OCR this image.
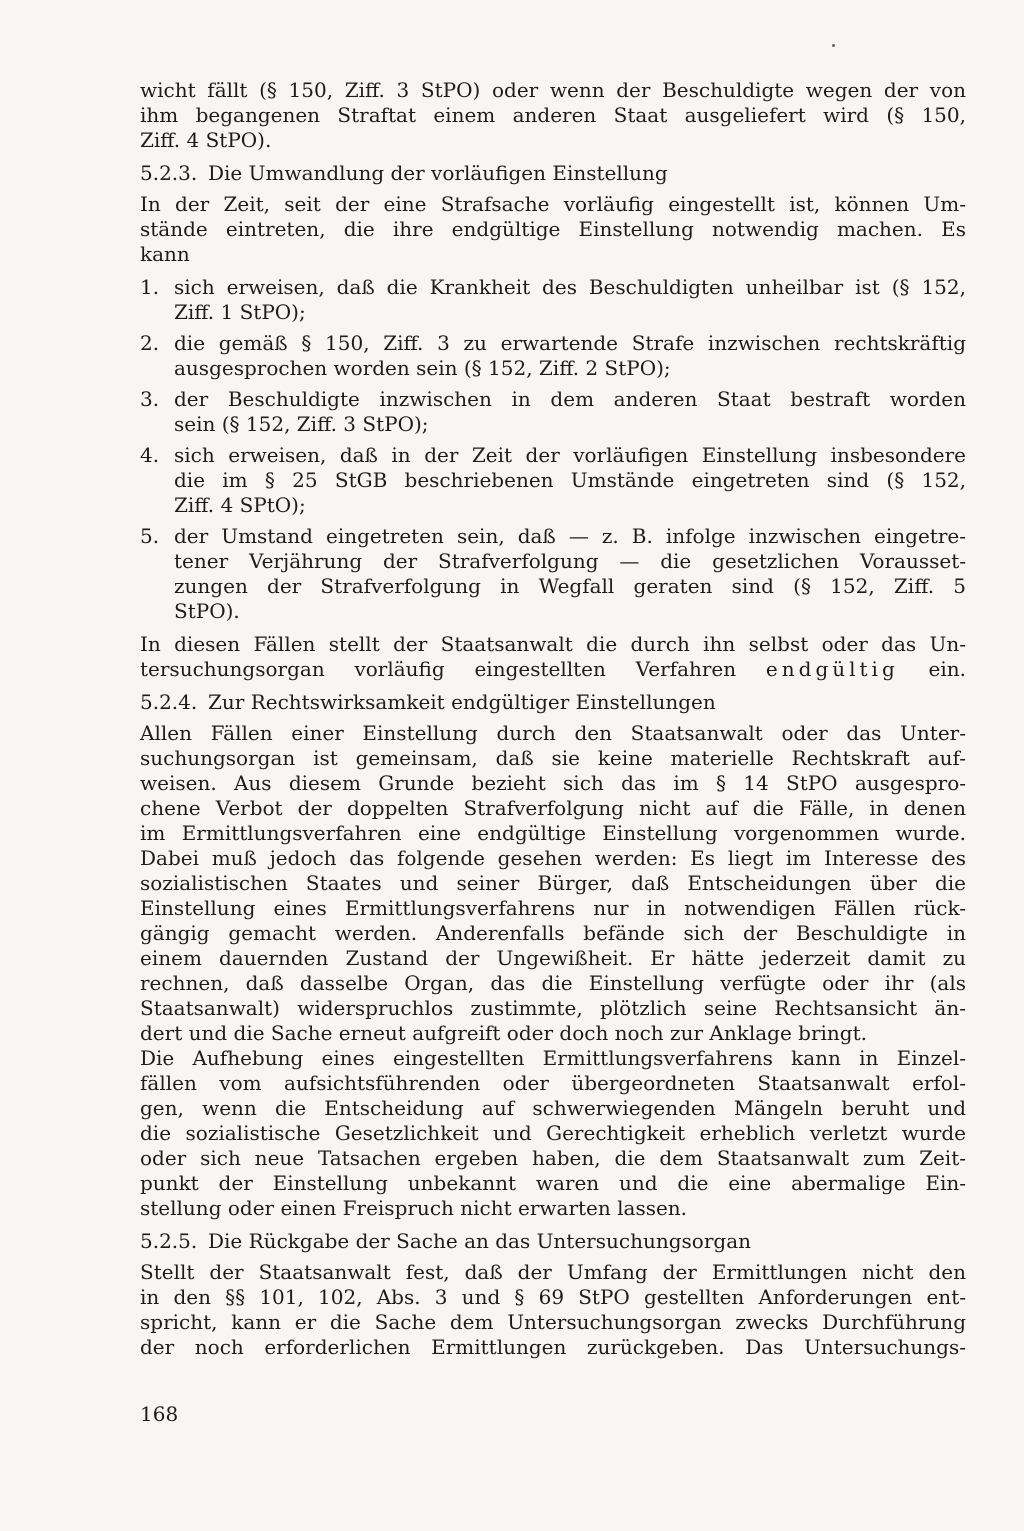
wicht fällt (§ 150, Ziff. 3 StPO) oder wenn der Beschuldigte wegen der von
ihm begangenen Straftat einem anderen Staat ausgeliefert wird (§ 150,
Ziff. 4 StPO).
5.2.3. Die Umwandlung der vorläufigen Einstellung
In der Zeit, seit der eine Strafsache vorläufig eingestellt ist, können Um-
stände eintreten, die ihre endgültige Einstellung notwendig machen. Es
kann
1. sich erweisen, daß die Krankheit des Beschuldigten unheilbar ist (§ 152,
Ziff. 1 StPO);
2. die gemäß § 150, Ziff. 3 zu erwartende Strafe inzwischen rechtskräftig
ausgesprochen worden sein (§ 152, Ziff. 2 StPO);
3. der Beschuldigte inzwischen in dem anderen Staat bestraft worden
sein (§ 152, Ziff. 3 StPO);
4. sich erweisen, daß in der Zeit der vorläufigen Einstellung insbesondere
die im § 25 StGB beschriebenen Umstände eingetreten sind (§ 152,
Ziff. 4 SPtO);
5. der Umstand eingetreten sein, daß — z. B. infolge inzwischen eingetre-
tener Verjährung der Strafverfolgung — die gesetzlichen Vorausset-
zungen der Strafverfolgung in Wegfall geraten sind (§ 152, Ziff. 5
StPO).
In diesen Fällen stellt der Staatsanwalt die durch ihn selbst oder das Un-
tersuchungsorgan vorläufig eingestellten Verfahren endgültig ein.
5.2.4. Zur Rechtswirksamkeit endgültiger Einstellungen
Allen Fällen einer Einstellung durch den Staatsanwalt oder das Unter-
suchungsorgan ist gemeinsam, daß sie keine materielle Rechtskraft auf-
weisen. Aus diesem Grunde bezieht sich das im § 14 StPO ausgespro-
chene Verbot der doppelten Strafverfolgung nicht auf die Fälle, in denen
im Ermittlungsverfahren eine endgültige Einstellung vorgenommen wurde.
Dabei muß jedoch das folgende gesehen werden: Es liegt im Interesse des
sozialistischen Staates und seiner Bürger, daß Entscheidungen über die
Einstellung eines Ermittlungsverfahrens nur in notwendigen Fällen rück-
gängig gemacht werden. Anderenfalls befände sich der Beschuldigte in
einem dauernden Zustand der Ungewißheit. Er hätte jederzeit damit zu
rechnen, daß dasselbe Organ, das die Einstellung verfügte oder ihr (als
Staatsanwalt) widerspruchlos zustimmte, plötzlich seine Rechtsansicht än-
dert und die Sache erneut aufgreift oder doch noch zur Anklage bringt.
Die Aufhebung eines eingestellten Ermittlungsverfahrens kann in Einzel-
fällen vom aufsichtsführenden oder übergeordneten Staatsanwalt erfol-
gen, wenn die Entscheidung auf schwerwiegenden Mängeln beruht und
die sozialistische Gesetzlichkeit und Gerechtigkeit erheblich verletzt wurde
oder sich neue Tatsachen ergeben haben, die dem Staatsanwalt zum Zeit-
punkt der Einstellung unbekannt waren und die eine abermalige Ein-
stellung oder einen Freispruch nicht erwarten lassen.
5.2.5. Die Rückgabe der Sache an das Untersuchungsorgan
Stellt der Staatsanwalt fest, daß der Umfang der Ermittlungen nicht den
in den §§ 101, 102, Abs. 3 und § 69 StPO gestellten Anforderungen ent-
spricht, kann er die Sache dem Untersuchungsorgan zwecks Durchführung
der noch erforderlichen Ermittlungen zurückgeben. Das Untersuchungs-
168
